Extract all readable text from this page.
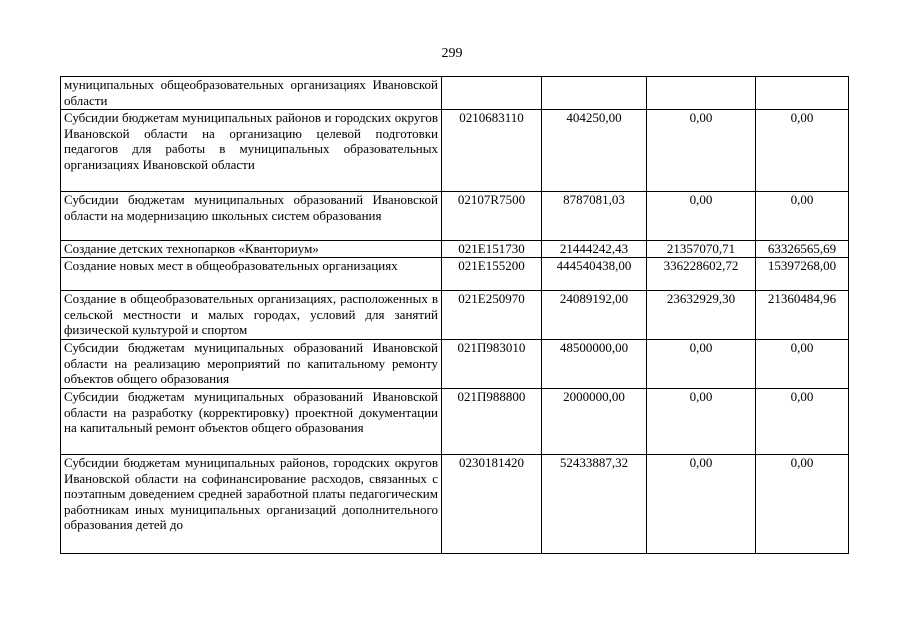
299
муниципальных общеобразовательных организациях Ивановской области				
Субсидии бюджетам муниципальных районов и городских округов Ивановской области на организацию целевой подготовки педагогов для работы в муниципальных образовательных организациях Ивановской области	0210683110	404250,00	0,00	0,00
Субсидии бюджетам муниципальных образований Ивановской области на модернизацию школьных систем образования	02107R7500	8787081,03	0,00	0,00
Создание детских технопарков «Кванториум»	021E151730	21444242,43	21357070,71	63326565,69
Создание новых мест в общеобразовательных организациях	021E155200	444540438,00	336228602,72	15397268,00
Создание в общеобразовательных организациях, расположенных в сельской местности и малых городах, условий для занятий физической культурой и спортом	021E250970	24089192,00	23632929,30	21360484,96
Субсидии бюджетам муниципальных образований Ивановской области на реализацию мероприятий по капитальному ремонту объектов общего образования	021П983010	48500000,00	0,00	0,00
Субсидии бюджетам муниципальных образований Ивановской области на разработку (корректировку) проектной документации на капитальный ремонт объектов общего образования	021П988800	2000000,00	0,00	0,00
Субсидии бюджетам муниципальных районов, городских округов Ивановской области на софинансирование расходов, связанных с поэтапным доведением средней заработной платы педагогическим работникам иных муниципальных организаций дополнительного образования детей до	0230181420	52433887,32	0,00	0,00
